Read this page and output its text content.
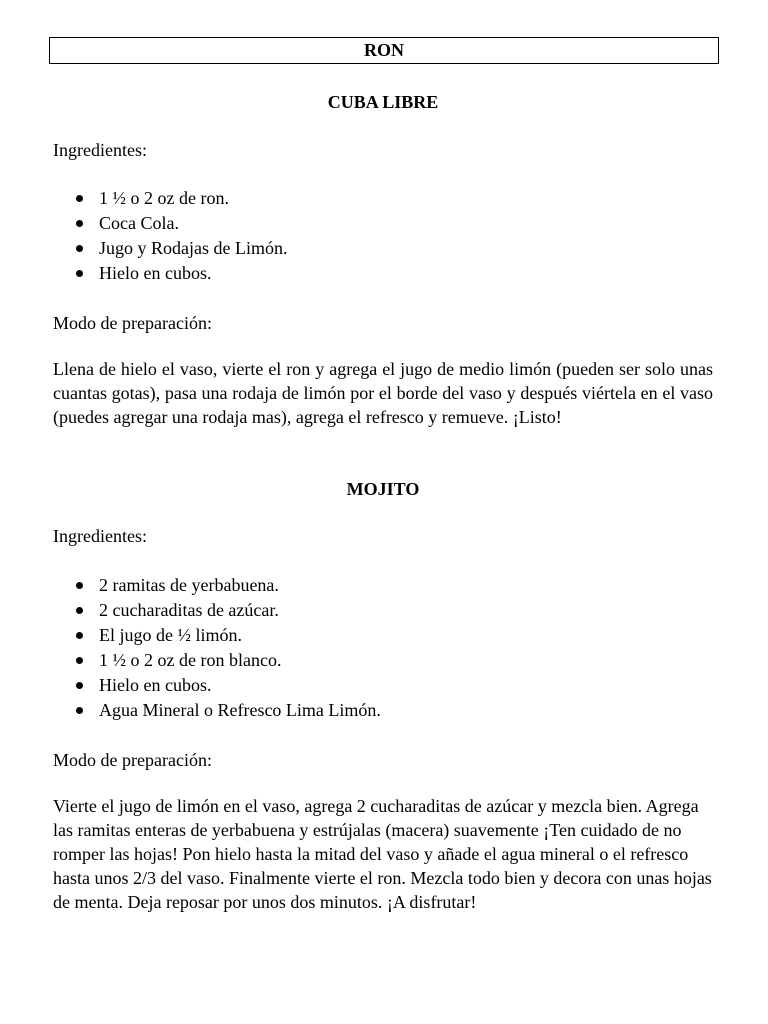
RON
CUBA LIBRE

Ingredientes:

1 ½ o 2 oz de ron.
Coca Cola.
Jugo y Rodajas de Limón.
Hielo en cubos.

Modo de preparación:

Llena de hielo el vaso, vierte el ron y agrega el jugo de medio limón (pueden ser solo unas cuantas gotas), pasa una rodaja de limón por el borde del vaso y después viértela en el vaso (puedes agregar una rodaja mas), agrega el refresco y remueve. ¡Listo!

MOJITO

Ingredientes:

2 ramitas de yerbabuena.
2 cucharaditas de azúcar.
El jugo de ½ limón.
1 ½ o 2 oz de ron blanco.
Hielo en cubos.
Agua Mineral o Refresco Lima Limón.

Modo de preparación:

Vierte el jugo de limón en el vaso, agrega 2 cucharaditas de azúcar y mezcla bien. Agrega las ramitas enteras de yerbabuena y estrújalas (macera) suavemente ¡Ten cuidado de no romper las hojas! Pon hielo hasta la mitad del vaso y añade el agua mineral o el refresco hasta unos 2/3 del vaso. Finalmente vierte el ron. Mezcla todo bien y decora con unas hojas de menta. Deja reposar por unos dos minutos. ¡A disfrutar!
